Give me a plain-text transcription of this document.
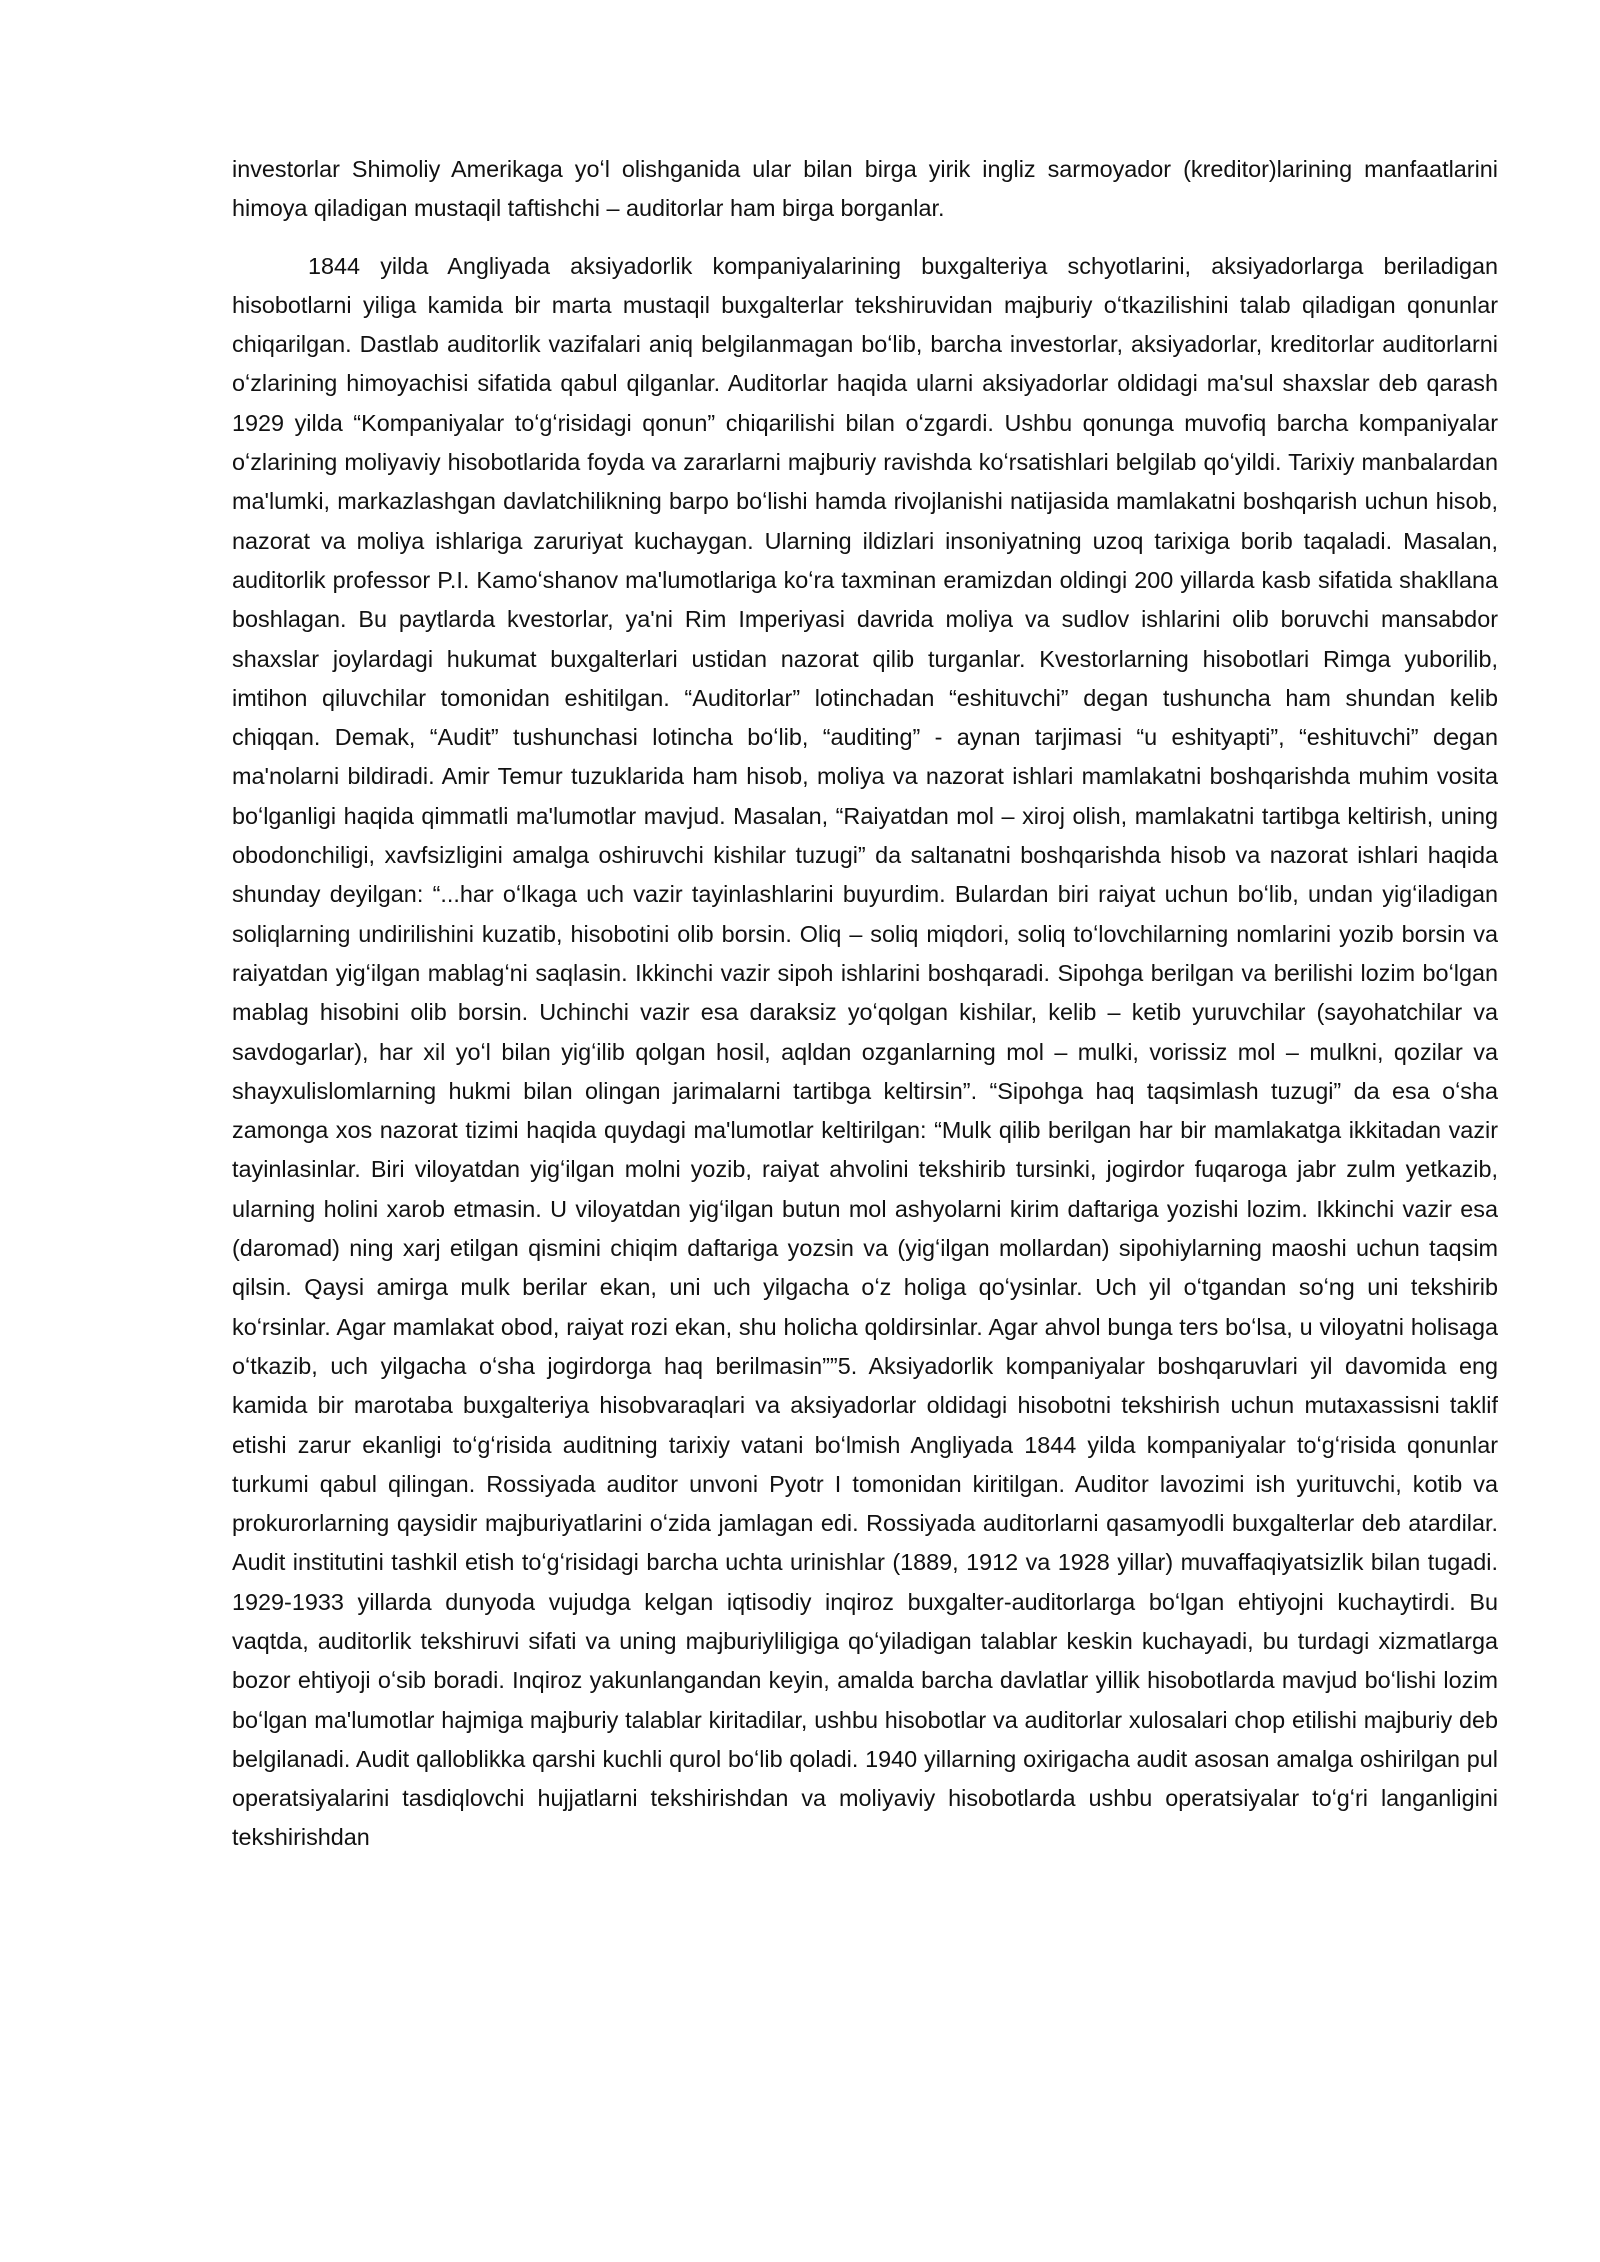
investorlar Shimoliy Amerikaga yoʻl olishganida ular bilan birga yirik ingliz sarmoyador (kreditor)larining manfaatlarini himoya qiladigan mustaqil taftishchi – auditorlar ham birga borganlar.

1844 yilda Angliyada aksiyadorlik kompaniyalarining buxgalteriya schyotlarini, aksiyadorlarga beriladigan hisobotlarni yiliga kamida bir marta mustaqil buxgalterlar tekshiruvidan majburiy oʻtkazilishini talab qiladigan qonunlar chiqarilgan. Dastlab auditorlik vazifalari aniq belgilanmagan boʻlib, barcha investorlar, aksiyadorlar, kreditorlar auditorlarni oʻzlarining himoyachisi sifatida qabul qilganlar. Auditorlar haqida ularni aksiyadorlar oldidagi ma'sul shaxslar deb qarash 1929 yilda “Kompaniyalar toʻgʻrisidagi qonun” chiqarilishi bilan oʻzgardi. Ushbu qonunga muvofiq barcha kompaniyalar oʻzlarining moliyaviy hisobotlarida foyda va zararlarni majburiy ravishda koʻrsatishlari belgilab qoʻyildi. Tarixiy manbalardan ma'lumki, markazlashgan davlatchilikning barpo boʻlishi hamda rivojlanishi natijasida mamlakatni boshqarish uchun hisob, nazorat va moliya ishlariga zaruriyat kuchaygan. Ularning ildizlari insoniyatning uzoq tarixiga borib taqaladi. Masalan, auditorlik professor P.I. Kamoʻshanov ma'lumotlariga koʻra taxminan eramizdan oldingi 200 yillarda kasb sifatida shakllana boshlagan. Bu paytlarda kvestorlar, ya'ni Rim Imperiyasi davrida moliya va sudlov ishlarini olib boruvchi mansabdor shaxslar joylardagi hukumat buxgalterlari ustidan nazorat qilib turganlar. Kvestorlarning hisobotlari Rimga yuborilib, imtihon qiluvchilar tomonidan eshitilgan. “Auditorlar” lotinchadan “eshituvchi” degan tushuncha ham shundan kelib chiqqan. Demak, “Audit” tushunchasi lotincha boʻlib, “auditing” - aynan tarjimasi “u eshityapti”, “eshituvchi” degan ma'nolarni bildiradi. Amir Temur tuzuklarida ham hisob, moliya va nazorat ishlari mamlakatni boshqarishda muhim vosita boʻlganligi haqida qimmatli ma'lumotlar mavjud. Masalan, “Raiyatdan mol – xiroj olish, mamlakatni tartibga keltirish, uning obodonchiligi, xavfsizligini amalga oshiruvchi kishilar tuzugi” da saltanatni boshqarishda hisob va nazorat ishlari haqida shunday deyilgan: “...har oʻlkaga uch vazir tayinlashlarini buyurdim. Bulardan biri raiyat uchun boʻlib, undan yigʻiladigan soliqlarning undirilishini kuzatib, hisobotini olib borsin. Oliq – soliq miqdori, soliq toʻlovchilarning nomlarini yozib borsin va raiyatdan yigʻilgan mablagʻni saqlasin. Ikkinchi vazir sipoh ishlarini boshqaradi. Sipohga berilgan va berilishi lozim boʻlgan mablag hisobini olib borsin. Uchinchi vazir esa daraksiz yoʻqolgan kishilar, kelib – ketib yuruvchilar (sayohatchilar va savdogarlar), har xil yoʻl bilan yigʻilib qolgan hosil, aqldan ozganlarning mol – mulki, vorissiz mol – mulkni, qozilar va shayxulislomlarning hukmi bilan olingan jarimalarni tartibga keltirsin”. “Sipohga haq taqsimlash tuzugi” da esa oʻsha zamonga xos nazorat tizimi haqida quydagi ma'lumotlar keltirilgan: “Mulk qilib berilgan har bir mamlakatga ikkitadan vazir tayinlasinlar. Biri viloyatdan yigʻilgan molni yozib, raiyat ahvolini tekshirib tursinki, jogirdor fuqaroga jabr zulm yetkazib, ularning holini xarob etmasin. U viloyatdan yigʻilgan butun mol ashyolarni kirim daftariga yozishi lozim. Ikkinchi vazir esa (daromad) ning xarj etilgan qismini chiqim daftariga yozsin va (yigʻilgan mollardan) sipohiylarning maoshi uchun taqsim qilsin. Qaysi amirga mulk berilar ekan, uni uch yilgacha oʻz holiga qoʻysinlar. Uch yil oʻtgandan soʻng uni tekshirib koʻrsinlar. Agar mamlakat obod, raiyat rozi ekan, shu holicha qoldirsinlar. Agar ahvol bunga ters boʻlsa, u viloyatni holisaga oʻtkazib, uch yilgacha oʻsha jogirdorga haq berilmasin””5. Aksiyadorlik kompaniyalar boshqaruvlari yil davomida eng kamida bir marotaba buxgalteriya hisobvaraqlari va aksiyadorlar oldidagi hisobotni tekshirish uchun mutaxassisni taklif etishi zarur ekanligi toʻgʻrisida auditning tarixiy vatani boʻlmish Angliyada 1844 yilda kompaniyalar toʻgʻrisida qonunlar turkumi qabul qilingan. Rossiyada auditor unvoni Pyotr I tomonidan kiritilgan. Auditor lavozimi ish yurituvchi, kotib va prokurorlarning qaysidir majburiyatlarini oʻzida jamlagan edi. Rossiyada auditorlarni qasamyodli buxgalterlar deb atardilar. Audit institutini tashkil etish toʻgʻrisidagi barcha uchta urinishlar (1889, 1912 va 1928 yillar) muvaffaqiyatsizlik bilan tugadi. 1929-1933 yillarda dunyoda vujudga kelgan iqtisodiy inqiroz buxgalter-auditorlarga boʻlgan ehtiyojni kuchaytirdi. Bu vaqtda, auditorlik tekshiruvi sifati va uning majburiyliligiga qoʻyiladigan talablar keskin kuchayadi, bu turdagi xizmatlarga bozor ehtiyoji oʻsib boradi. Inqiroz yakunlangandan keyin, amalda barcha davlatlar yillik hisobotlarda mavjud boʻlishi lozim boʻlgan ma'lumotlar hajmiga majburiy talablar kiritadilar, ushbu hisobotlar va auditorlar xulosalari chop etilishi majburiy deb belgilanadi. Audit qalloblikka qarshi kuchli qurol boʻlib qoladi. 1940 yillarning oxirigacha audit asosan amalga oshirilgan pul operatsiyalarini tasdiqlovchi hujjatlarni tekshirishdan va moliyaviy hisobotlarda ushbu operatsiyalar toʻgʻri langanligini tekshirishdan
